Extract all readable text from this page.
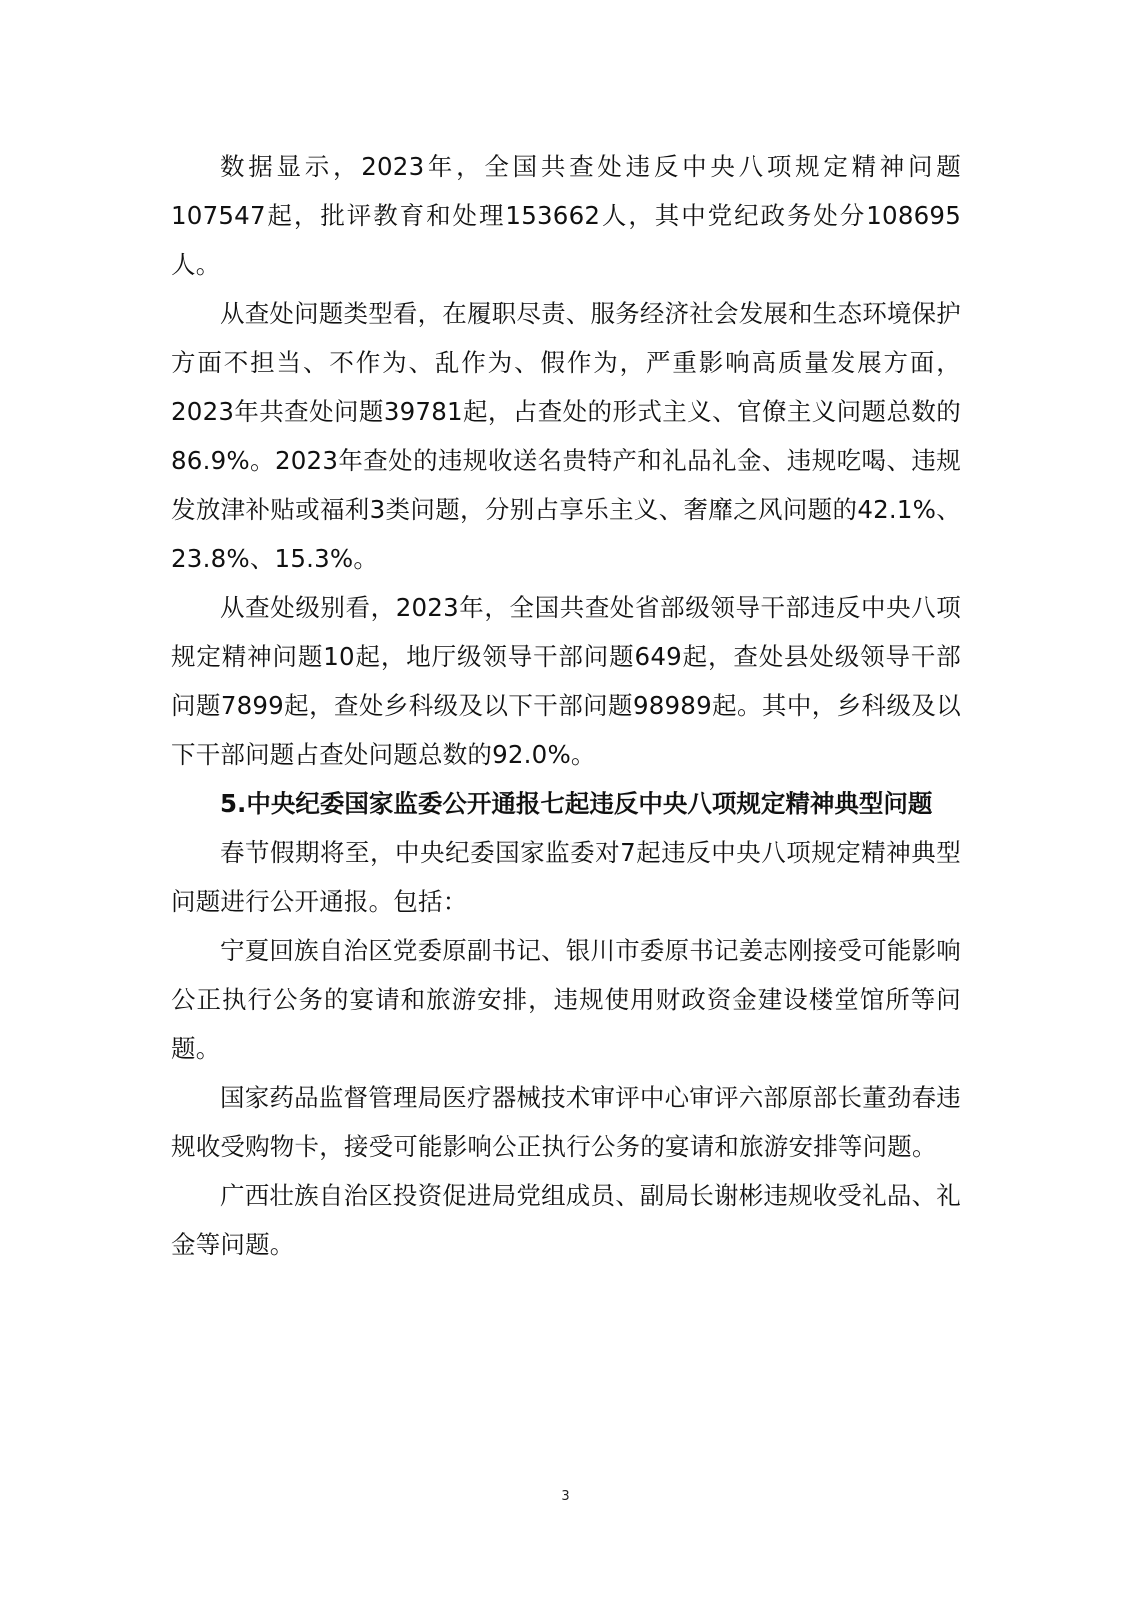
数据显示，2023年，全国共查处违反中央八项规定精神问题107547起，批评教育和处理153662人，其中党纪政务处分108695人。

从查处问题类型看，在履职尽责、服务经济社会发展和生态环境保护方面不担当、不作为、乱作为、假作为，严重影响高质量发展方面，2023年共查处问题39781起，占查处的形式主义、官僚主义问题总数的86.9%。2023年查处的违规收送名贵特产和礼品礼金、违规吃喝、违规发放津补贴或福利3类问题，分别占享乐主义、奢靡之风问题的42.1%、23.8%、15.3%。

从查处级别看，2023年，全国共查处省部级领导干部违反中央八项规定精神问题10起，地厅级领导干部问题649起，查处县处级领导干部问题7899起，查处乡科级及以下干部问题98989起。其中，乡科级及以下干部问题占查处问题总数的92.0%。

5.中央纪委国家监委公开通报七起违反中央八项规定精神典型问题

春节假期将至，中央纪委国家监委对7起违反中央八项规定精神典型问题进行公开通报。包括：

宁夏回族自治区党委原副书记、银川市委原书记姜志刚接受可能影响公正执行公务的宴请和旅游安排，违规使用财政资金建设楼堂馆所等问题。

国家药品监督管理局医疗器械技术审评中心审评六部原部长董劲春违规收受购物卡，接受可能影响公正执行公务的宴请和旅游安排等问题。

广西壮族自治区投资促进局党组成员、副局长谢彬违规收受礼品、礼金等问题。

3
